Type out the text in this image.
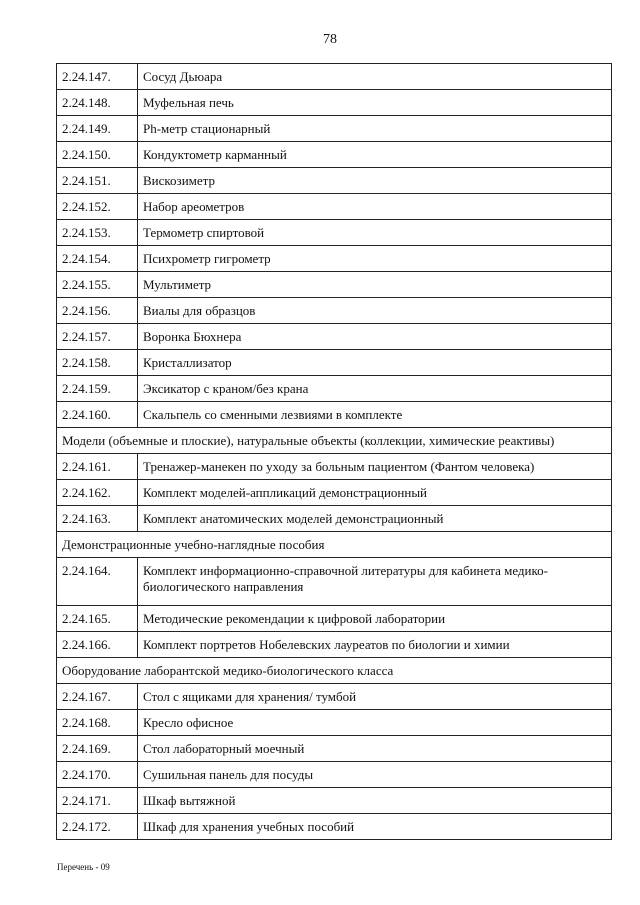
78
2.24.147.	Сосуд Дьюара
2.24.148.	Муфельная печь
2.24.149.	Ph-метр стационарный
2.24.150.	Кондуктометр карманный
2.24.151.	Вискозиметр
2.24.152.	Набор ареометров
2.24.153.	Термометр спиртовой
2.24.154.	Психрометр гигрометр
2.24.155.	Мультиметр
2.24.156.	Виалы для образцов
2.24.157.	Воронка Бюхнера
2.24.158.	Кристаллизатор
2.24.159.	Эксикатор с краном/без крана
2.24.160.	Скальпель со сменными лезвиями в комплекте
Модели (объемные и плоские), натуральные объекты (коллекции, химические реактивы)	
2.24.161.	Тренажер-манекен по уходу за больным пациентом (Фантом человека)
2.24.162.	Комплект моделей-аппликаций демонстрационный
2.24.163.	Комплект анатомических моделей демонстрационный
Демонстрационные учебно-наглядные пособия	
2.24.164.	Комплект информационно-справочной литературы для кабинета медико-биологического направления
2.24.165.	Методические рекомендации к цифровой лаборатории
2.24.166.	Комплект портретов Нобелевских лауреатов по биологии и химии
Оборудование лаборантской медико-биологического класса	
2.24.167.	Стол с ящиками для хранения/ тумбой
2.24.168.	Кресло офисное
2.24.169.	Стол лабораторный моечный
2.24.170.	Сушильная панель для посуды
2.24.171.	Шкаф вытяжной
2.24.172.	Шкаф для хранения учебных пособий
Перечень - 09
